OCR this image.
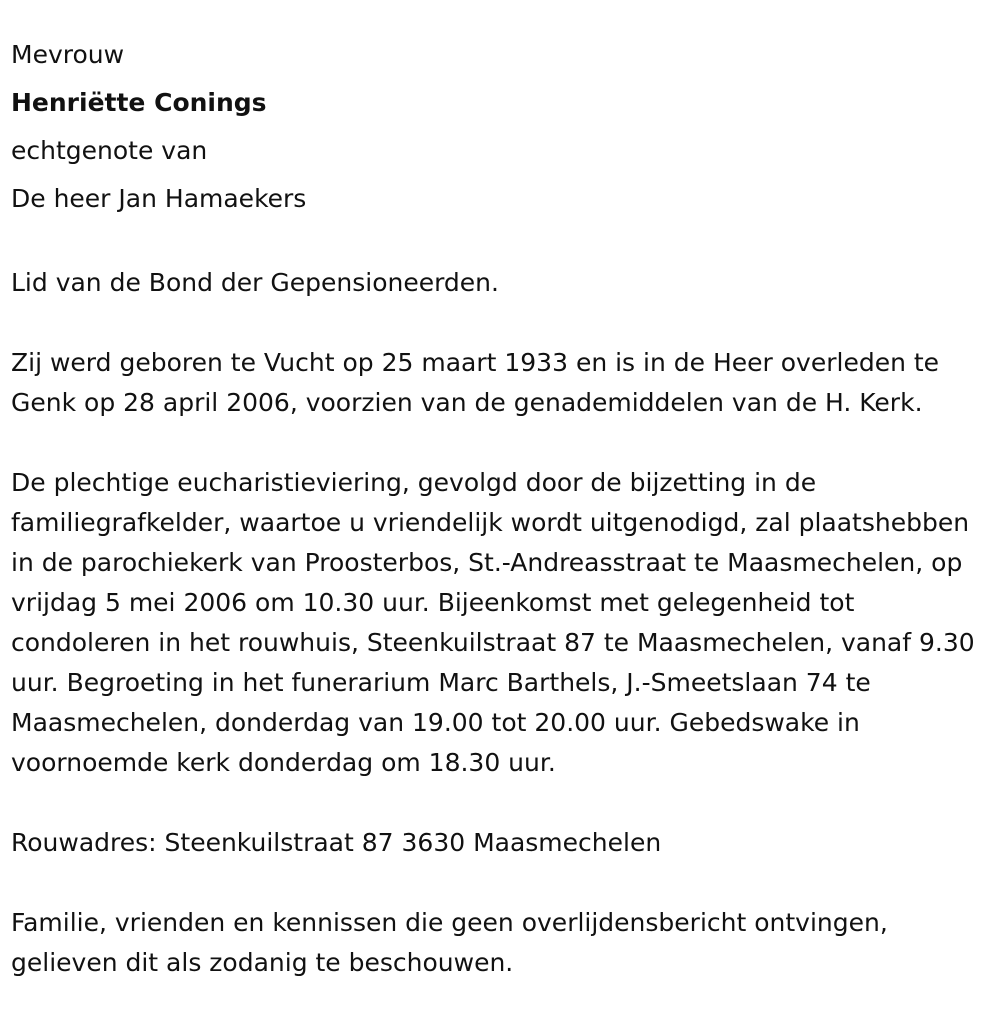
Mevrouw

Henriëtte Conings

echtgenote van

De heer Jan Hamaekers

Lid van de Bond der Gepensioneerden.

Zij werd geboren te Vucht op 25 maart 1933 en is in de Heer overleden te Genk op 28 april 2006, voorzien van de genademiddelen van de H. Kerk.

De plechtige eucharistieviering, gevolgd door de bijzetting in de familiegrafkelder, waartoe u vriendelijk wordt uitgenodigd, zal plaatshebben in de parochiekerk van Proosterbos, St.-Andreasstraat te Maasmechelen, op vrijdag 5 mei 2006 om 10.30 uur. Bijeenkomst met gelegenheid tot condoleren in het rouwhuis, Steenkuilstraat 87 te Maasmechelen, vanaf 9.30 uur. Begroeting in het funerarium Marc Barthels, J.-Smeetslaan 74 te Maasmechelen, donderdag van 19.00 tot 20.00 uur. Gebedswake in voornoemde kerk donderdag om 18.30 uur.

Rouwadres: Steenkuilstraat 87 3630 Maasmechelen

Familie, vrienden en kennissen die geen overlijdensbericht ontvingen, gelieven dit als zodanig te beschouwen.
